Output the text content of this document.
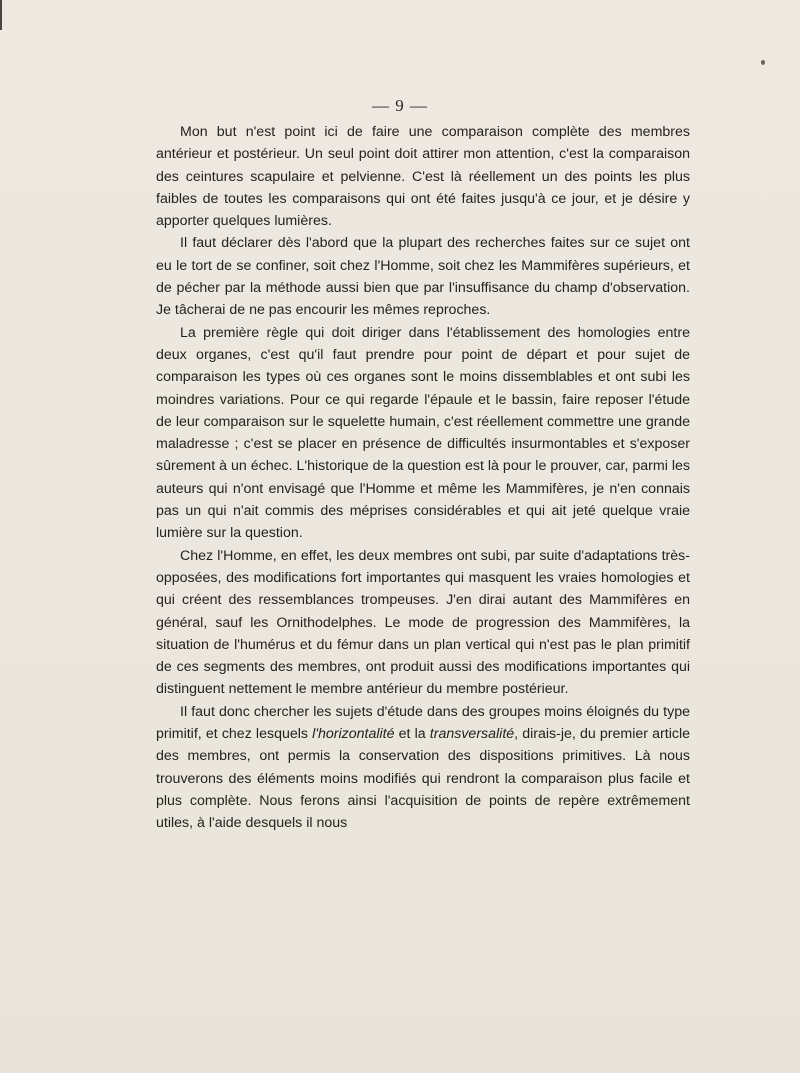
— 9 —

Mon but n'est point ici de faire une comparaison complète des membres antérieur et postérieur. Un seul point doit attirer mon attention, c'est la comparaison des ceintures scapulaire et pelvienne. C'est là réellement un des points les plus faibles de toutes les comparaisons qui ont été faites jusqu'à ce jour, et je désire y apporter quelques lumières.

Il faut déclarer dès l'abord que la plupart des recherches faites sur ce sujet ont eu le tort de se confiner, soit chez l'Homme, soit chez les Mammifères supérieurs, et de pécher par la méthode aussi bien que par l'insuffisance du champ d'observation. Je tâcherai de ne pas encourir les mêmes reproches.

La première règle qui doit diriger dans l'établissement des homologies entre deux organes, c'est qu'il faut prendre pour point de départ et pour sujet de comparaison les types où ces organes sont le moins dissemblables et ont subi les moindres variations. Pour ce qui regarde l'épaule et le bassin, faire reposer l'étude de leur comparaison sur le squelette humain, c'est réellement commettre une grande maladresse ; c'est se placer en présence de difficultés insurmontables et s'exposer sûrement à un échec. L'historique de la question est là pour le prouver, car, parmi les auteurs qui n'ont envisagé que l'Homme et même les Mammifères, je n'en connais pas un qui n'ait commis des méprises considérables et qui ait jeté quelque vraie lumière sur la question.

Chez l'Homme, en effet, les deux membres ont subi, par suite d'adaptations très-opposées, des modifications fort importantes qui masquent les vraies homologies et qui créent des ressemblances trompeuses. J'en dirai autant des Mammifères en général, sauf les Ornithodelphes. Le mode de progression des Mammifères, la situation de l'humérus et du fémur dans un plan vertical qui n'est pas le plan primitif de ces segments des membres, ont produit aussi des modifications importantes qui distinguent nettement le membre antérieur du membre postérieur.

Il faut donc chercher les sujets d'étude dans des groupes moins éloignés du type primitif, et chez lesquels l'horizontalité et la transversalité, dirais-je, du premier article des membres, ont permis la conservation des dispositions primitives. Là nous trouverons des éléments moins modifiés qui rendront la comparaison plus facile et plus complète. Nous ferons ainsi l'acquisition de points de repère extrêmement utiles, à l'aide desquels il nous
